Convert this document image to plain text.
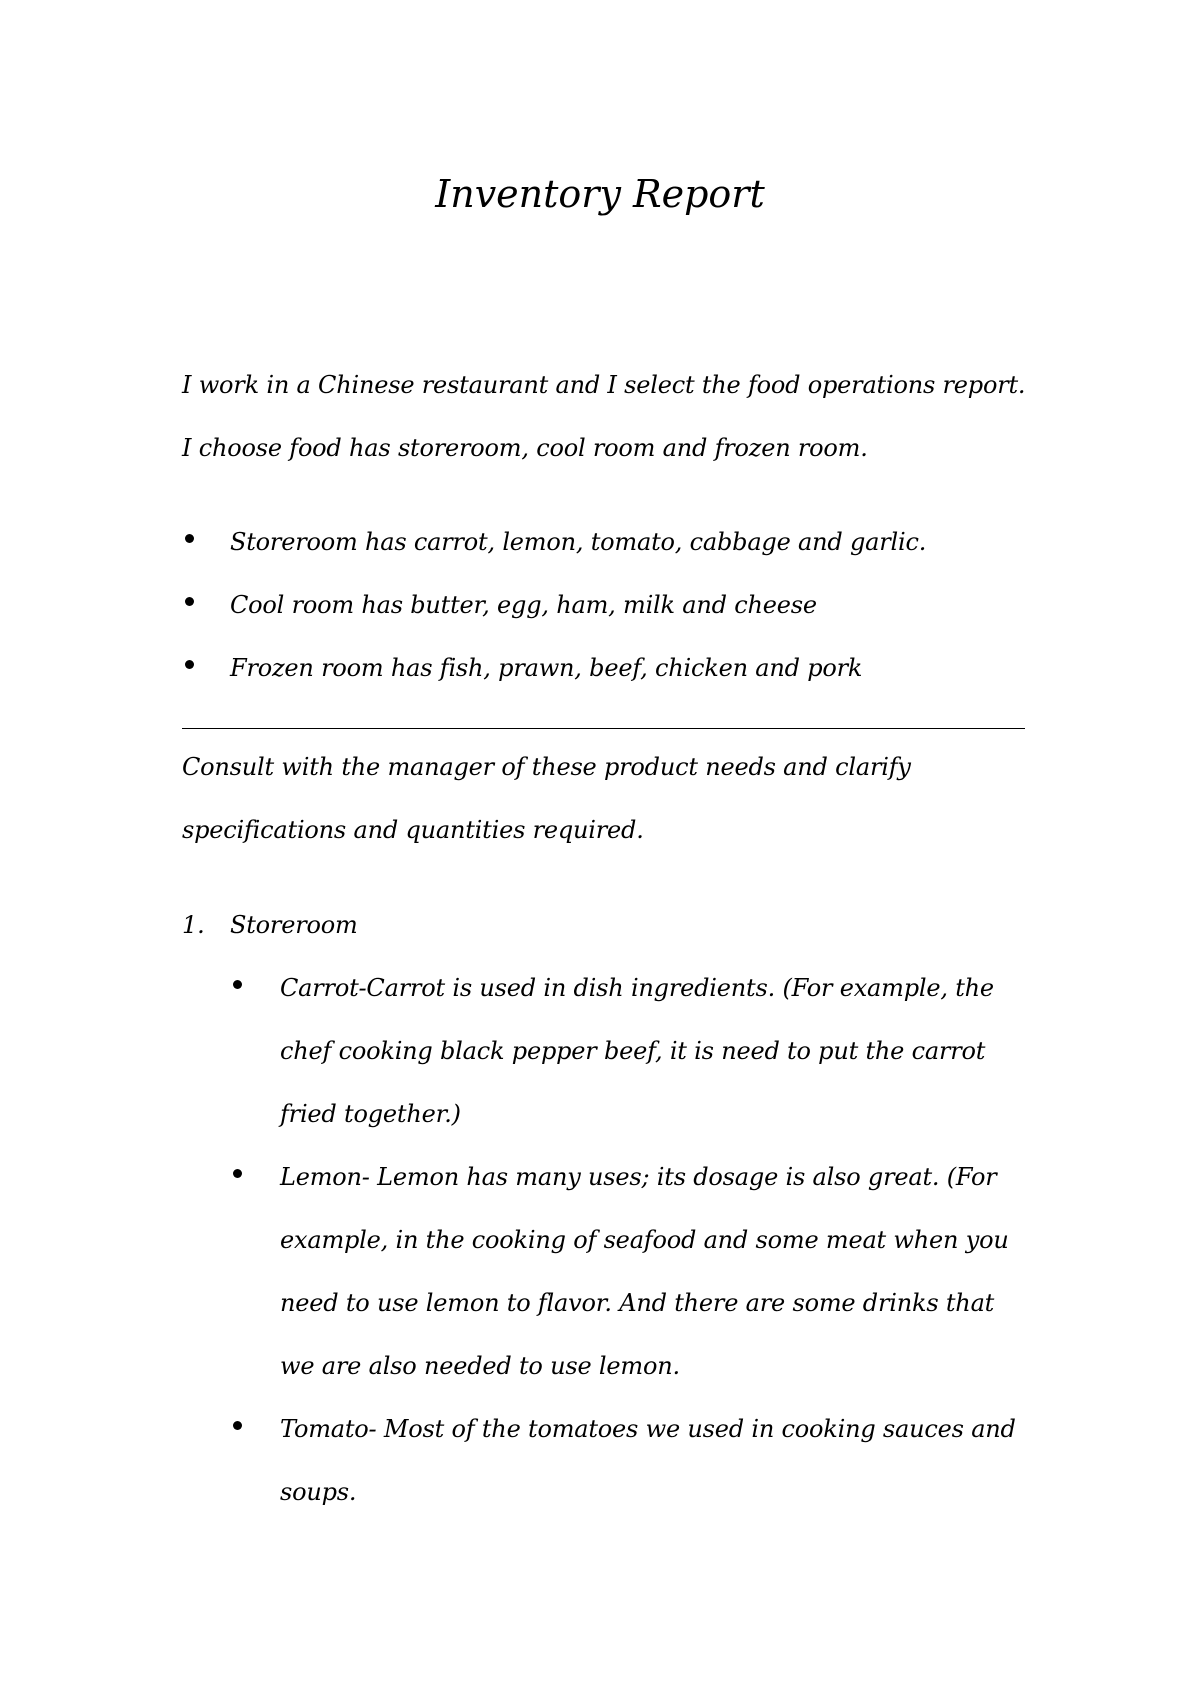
Inventory Report

I work in a Chinese restaurant and I select the food operations report. I choose food has storeroom, cool room and frozen room.

Storeroom has carrot, lemon, tomato, cabbage and garlic.
Cool room has butter, egg, ham, milk and cheese
Frozen room has fish, prawn, beef, chicken and pork

Consult with the manager of these product needs and clarify specifications and quantities required.

1. Storeroom

Carrot-Carrot is used in dish ingredients. (For example, the chef cooking black pepper beef, it is need to put the carrot fried together.)
Lemon- Lemon has many uses; its dosage is also great. (For example, in the cooking of seafood and some meat when you need to use lemon to flavor. And there are some drinks that we are also needed to use lemon.
Tomato- Most of the tomatoes we used in cooking sauces and soups.
